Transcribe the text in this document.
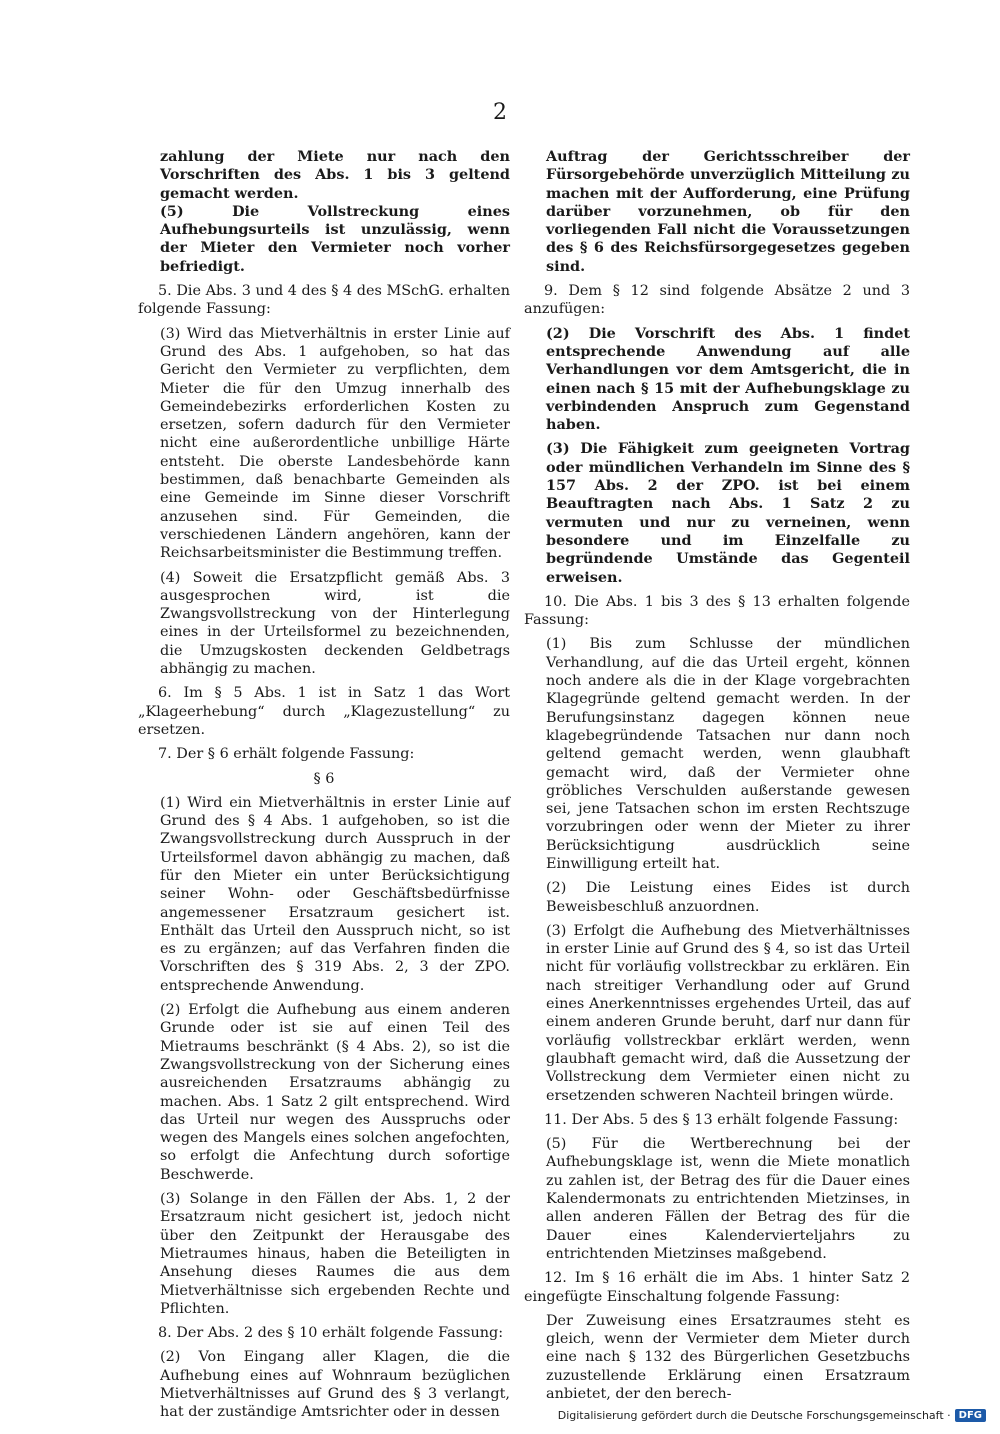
2

zahlung der Miete nur nach den Vorschriften des Abs. 1 bis 3 geltend gemacht werden.

(5) Die Vollstreckung eines Aufhebungsurteils ist unzulässig, wenn der Mieter den Vermieter noch vorher befriedigt.

5. Die Abs. 3 und 4 des § 4 des MSchG. erhalten folgende Fassung:

(3) Wird das Mietverhältnis in erster Linie auf Grund des Abs. 1 aufgehoben, so hat das Gericht den Vermieter zu verpflichten, dem Mieter die für den Umzug innerhalb des Gemeindebezirks erforderlichen Kosten zu ersetzen, sofern dadurch für den Vermieter nicht eine außerordentliche unbillige Härte entsteht. Die oberste Landesbehörde kann bestimmen, daß benachbarte Gemeinden als eine Gemeinde im Sinne dieser Vorschrift anzusehen sind. Für Gemeinden, die verschiedenen Ländern angehören, kann der Reichsarbeitsminister die Bestimmung treffen.

(4) Soweit die Ersatzpflicht gemäß Abs. 3 ausgesprochen wird, ist die Zwangsvollstreckung von der Hinterlegung eines in der Urteilsformel zu bezeichnenden, die Umzugskosten deckenden Geldbetrags abhängig zu machen.

6. Im § 5 Abs. 1 ist in Satz 1 das Wort „Klageerhebung“ durch „Klagezustellung“ zu ersetzen.

7. Der § 6 erhält folgende Fassung:

§ 6

(1) Wird ein Mietverhältnis in erster Linie auf Grund des § 4 Abs. 1 aufgehoben, so ist die Zwangsvollstreckung durch Ausspruch in der Urteilsformel davon abhängig zu machen, daß für den Mieter ein unter Berücksichtigung seiner Wohn- oder Geschäftsbedürfnisse angemessener Ersatzraum gesichert ist. Enthält das Urteil den Ausspruch nicht, so ist es zu ergänzen; auf das Verfahren finden die Vorschriften des § 319 Abs. 2, 3 der ZPO. entsprechende Anwendung.

(2) Erfolgt die Aufhebung aus einem anderen Grunde oder ist sie auf einen Teil des Mietraums beschränkt (§ 4 Abs. 2), so ist die Zwangsvollstreckung von der Sicherung eines ausreichenden Ersatzraums abhängig zu machen. Abs. 1 Satz 2 gilt entsprechend. Wird das Urteil nur wegen des Ausspruchs oder wegen des Mangels eines solchen angefochten, so erfolgt die Anfechtung durch sofortige Beschwerde.

(3) Solange in den Fällen der Abs. 1, 2 der Ersatzraum nicht gesichert ist, jedoch nicht über den Zeitpunkt der Herausgabe des Mietraumes hinaus, haben die Beteiligten in Ansehung dieses Raumes die aus dem Mietverhältnisse sich ergebenden Rechte und Pflichten.

8. Der Abs. 2 des § 10 erhält folgende Fassung:

(2) Von Eingang aller Klagen, die die Aufhebung eines auf Wohnraum bezüglichen Mietverhältnisses auf Grund des § 3 verlangt, hat der zuständige Amtsrichter oder in dessen

Auftrag der Gerichtsschreiber der Fürsorgebehörde unverzüglich Mitteilung zu machen mit der Aufforderung, eine Prüfung darüber vorzunehmen, ob für den vorliegenden Fall nicht die Voraussetzungen des § 6 des Reichsfürsorgegesetzes gegeben sind.

9. Dem § 12 sind folgende Absätze 2 und 3 anzufügen:

(2) Die Vorschrift des Abs. 1 findet entsprechende Anwendung auf alle Verhandlungen vor dem Amtsgericht, die in einen nach § 15 mit der Aufhebungsklage zu verbindenden Anspruch zum Gegenstand haben.

(3) Die Fähigkeit zum geeigneten Vortrag oder mündlichen Verhandeln im Sinne des § 157 Abs. 2 der ZPO. ist bei einem Beauftragten nach Abs. 1 Satz 2 zu vermuten und nur zu verneinen, wenn besondere und im Einzelfalle zu begründende Umstände das Gegenteil erweisen.

10. Die Abs. 1 bis 3 des § 13 erhalten folgende Fassung:

(1) Bis zum Schlusse der mündlichen Verhandlung, auf die das Urteil ergeht, können noch andere als die in der Klage vorgebrachten Klagegründe geltend gemacht werden. In der Berufungsinstanz dagegen können neue klagebegründende Tatsachen nur dann noch geltend gemacht werden, wenn glaubhaft gemacht wird, daß der Vermieter ohne gröbliches Verschulden außerstande gewesen sei, jene Tatsachen schon im ersten Rechtszuge vorzubringen oder wenn der Mieter zu ihrer Berücksichtigung ausdrücklich seine Einwilligung erteilt hat.

(2) Die Leistung eines Eides ist durch Beweisbeschluß anzuordnen.

(3) Erfolgt die Aufhebung des Mietverhältnisses in erster Linie auf Grund des § 4, so ist das Urteil nicht für vorläufig vollstreckbar zu erklären. Ein nach streitiger Verhandlung oder auf Grund eines Anerkenntnisses ergehendes Urteil, das auf einem anderen Grunde beruht, darf nur dann für vorläufig vollstreckbar erklärt werden, wenn glaubhaft gemacht wird, daß die Aussetzung der Vollstreckung dem Vermieter einen nicht zu ersetzenden schweren Nachteil bringen würde.

11. Der Abs. 5 des § 13 erhält folgende Fassung:

(5) Für die Wertberechnung bei der Aufhebungsklage ist, wenn die Miete monatlich zu zahlen ist, der Betrag des für die Dauer eines Kalendermonats zu entrichtenden Mietzinses, in allen anderen Fällen der Betrag des für die Dauer eines Kalendervierteljahrs zu entrichtenden Mietzinses maßgebend.

12. Im § 16 erhält die im Abs. 1 hinter Satz 2 eingefügte Einschaltung folgende Fassung:

Der Zuweisung eines Ersatzraumes steht es gleich, wenn der Vermieter dem Mieter durch eine nach § 132 des Bürgerlichen Gesetzbuchs zuzustellende Erklärung einen Ersatzraum anbietet, der den berech-

Digitalisierung gefördert durch die Deutsche Forschungsgemeinschaft · DFG
